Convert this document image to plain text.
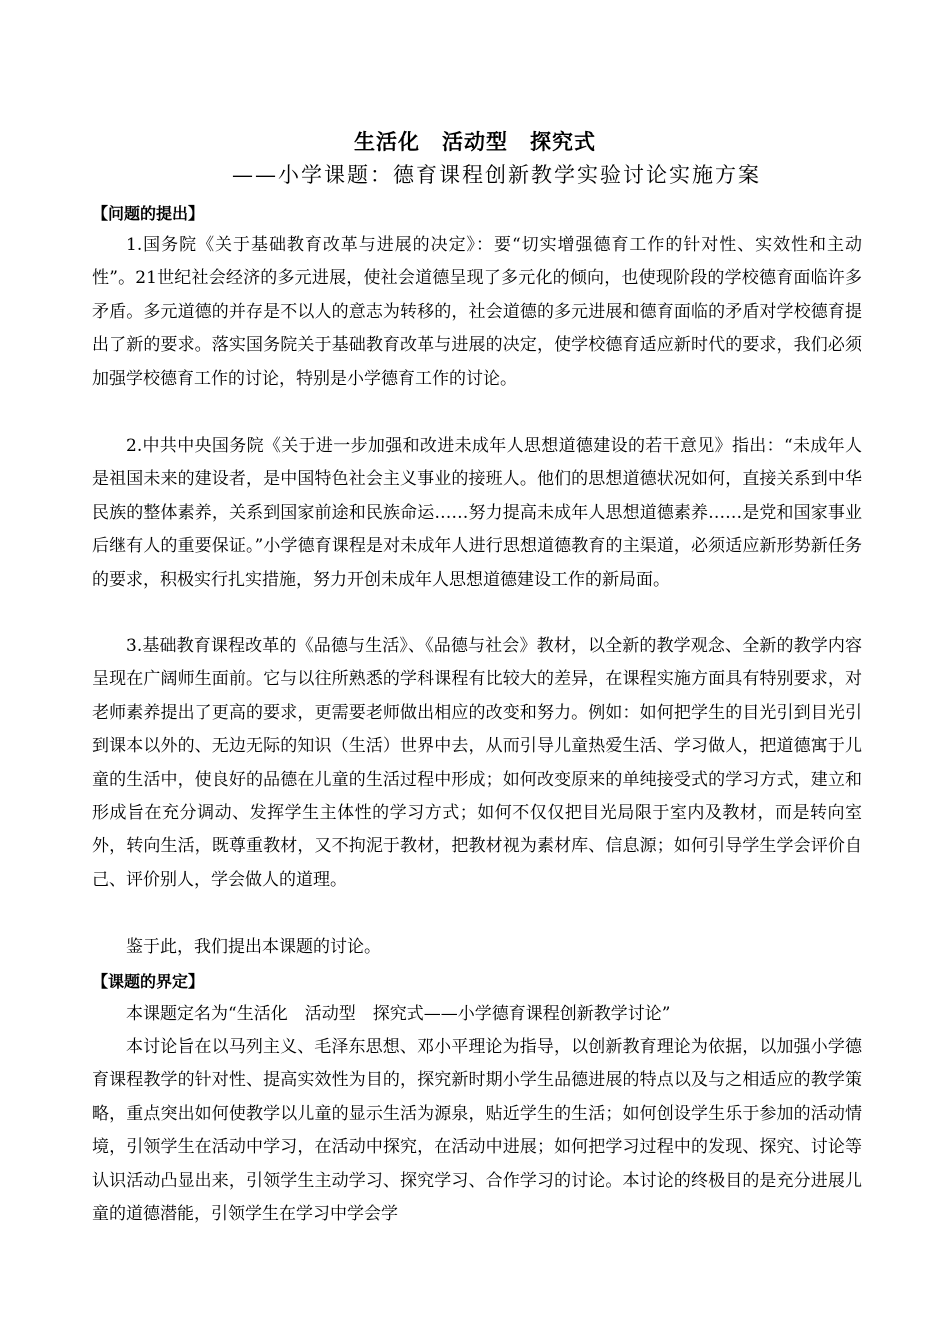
生活化　活动型　探究式
——小学课题：德育课程创新教学实验讨论实施方案
【问题的提出】

1.国务院《关于基础教育改革与进展的决定》：要“切实增强德育工作的针对性、实效性和主动性”。21世纪社会经济的多元进展，使社会道德呈现了多元化的倾向，也使现阶段的学校德育面临许多矛盾。多元道德的并存是不以人的意志为转移的，社会道德的多元进展和德育面临的矛盾对学校德育提出了新的要求。落实国务院关于基础教育改革与进展的决定，使学校德育适应新时代的要求，我们必须加强学校德育工作的讨论，特别是小学德育工作的讨论。

2.中共中央国务院《关于进一步加强和改进未成年人思想道德建设的若干意见》指出：“未成年人是祖国未来的建设者，是中国特色社会主义事业的接班人。他们的思想道德状况如何，直接关系到中华民族的整体素养，关系到国家前途和民族命运……努力提高未成年人思想道德素养……是党和国家事业后继有人的重要保证。”小学德育课程是对未成年人进行思想道德教育的主渠道，必须适应新形势新任务的要求，积极实行扎实措施，努力开创未成年人思想道德建设工作的新局面。

3.基础教育课程改革的《品德与生活》、《品德与社会》教材，以全新的教学观念、全新的教学内容呈现在广阔师生面前。它与以往所熟悉的学科课程有比较大的差异，在课程实施方面具有特别要求，对老师素养提出了更高的要求，更需要老师做出相应的改变和努力。例如：如何把学生的目光引到目光引到课本以外的、无边无际的知识（生活）世界中去，从而引导儿童热爱生活、学习做人，把道德寓于儿童的生活中，使良好的品德在儿童的生活过程中形成；如何改变原来的单纯接受式的学习方式，建立和形成旨在充分调动、发挥学生主体性的学习方式；如何不仅仅把目光局限于室内及教材，而是转向室外，转向生活，既尊重教材，又不拘泥于教材，把教材视为素材库、信息源；如何引导学生学会评价自己、评价别人，学会做人的道理。

鉴于此，我们提出本课题的讨论。

【课题的界定】

本课题定名为“生活化　活动型　探究式——小学德育课程创新教学讨论”

本讨论旨在以马列主义、毛泽东思想、邓小平理论为指导，以创新教育理论为依据，以加强小学德育课程教学的针对性、提高实效性为目的，探究新时期小学生品德进展的特点以及与之相适应的教学策略，重点突出如何使教学以儿童的显示生活为源泉，贴近学生的生活；如何创设学生乐于参加的活动情境，引领学生在活动中学习，在活动中探究，在活动中进展；如何把学习过程中的发现、探究、讨论等认识活动凸显出来，引领学生主动学习、探究学习、合作学习的讨论。本讨论的终极目的是充分进展儿童的道德潜能，引领学生在学习中学会学
